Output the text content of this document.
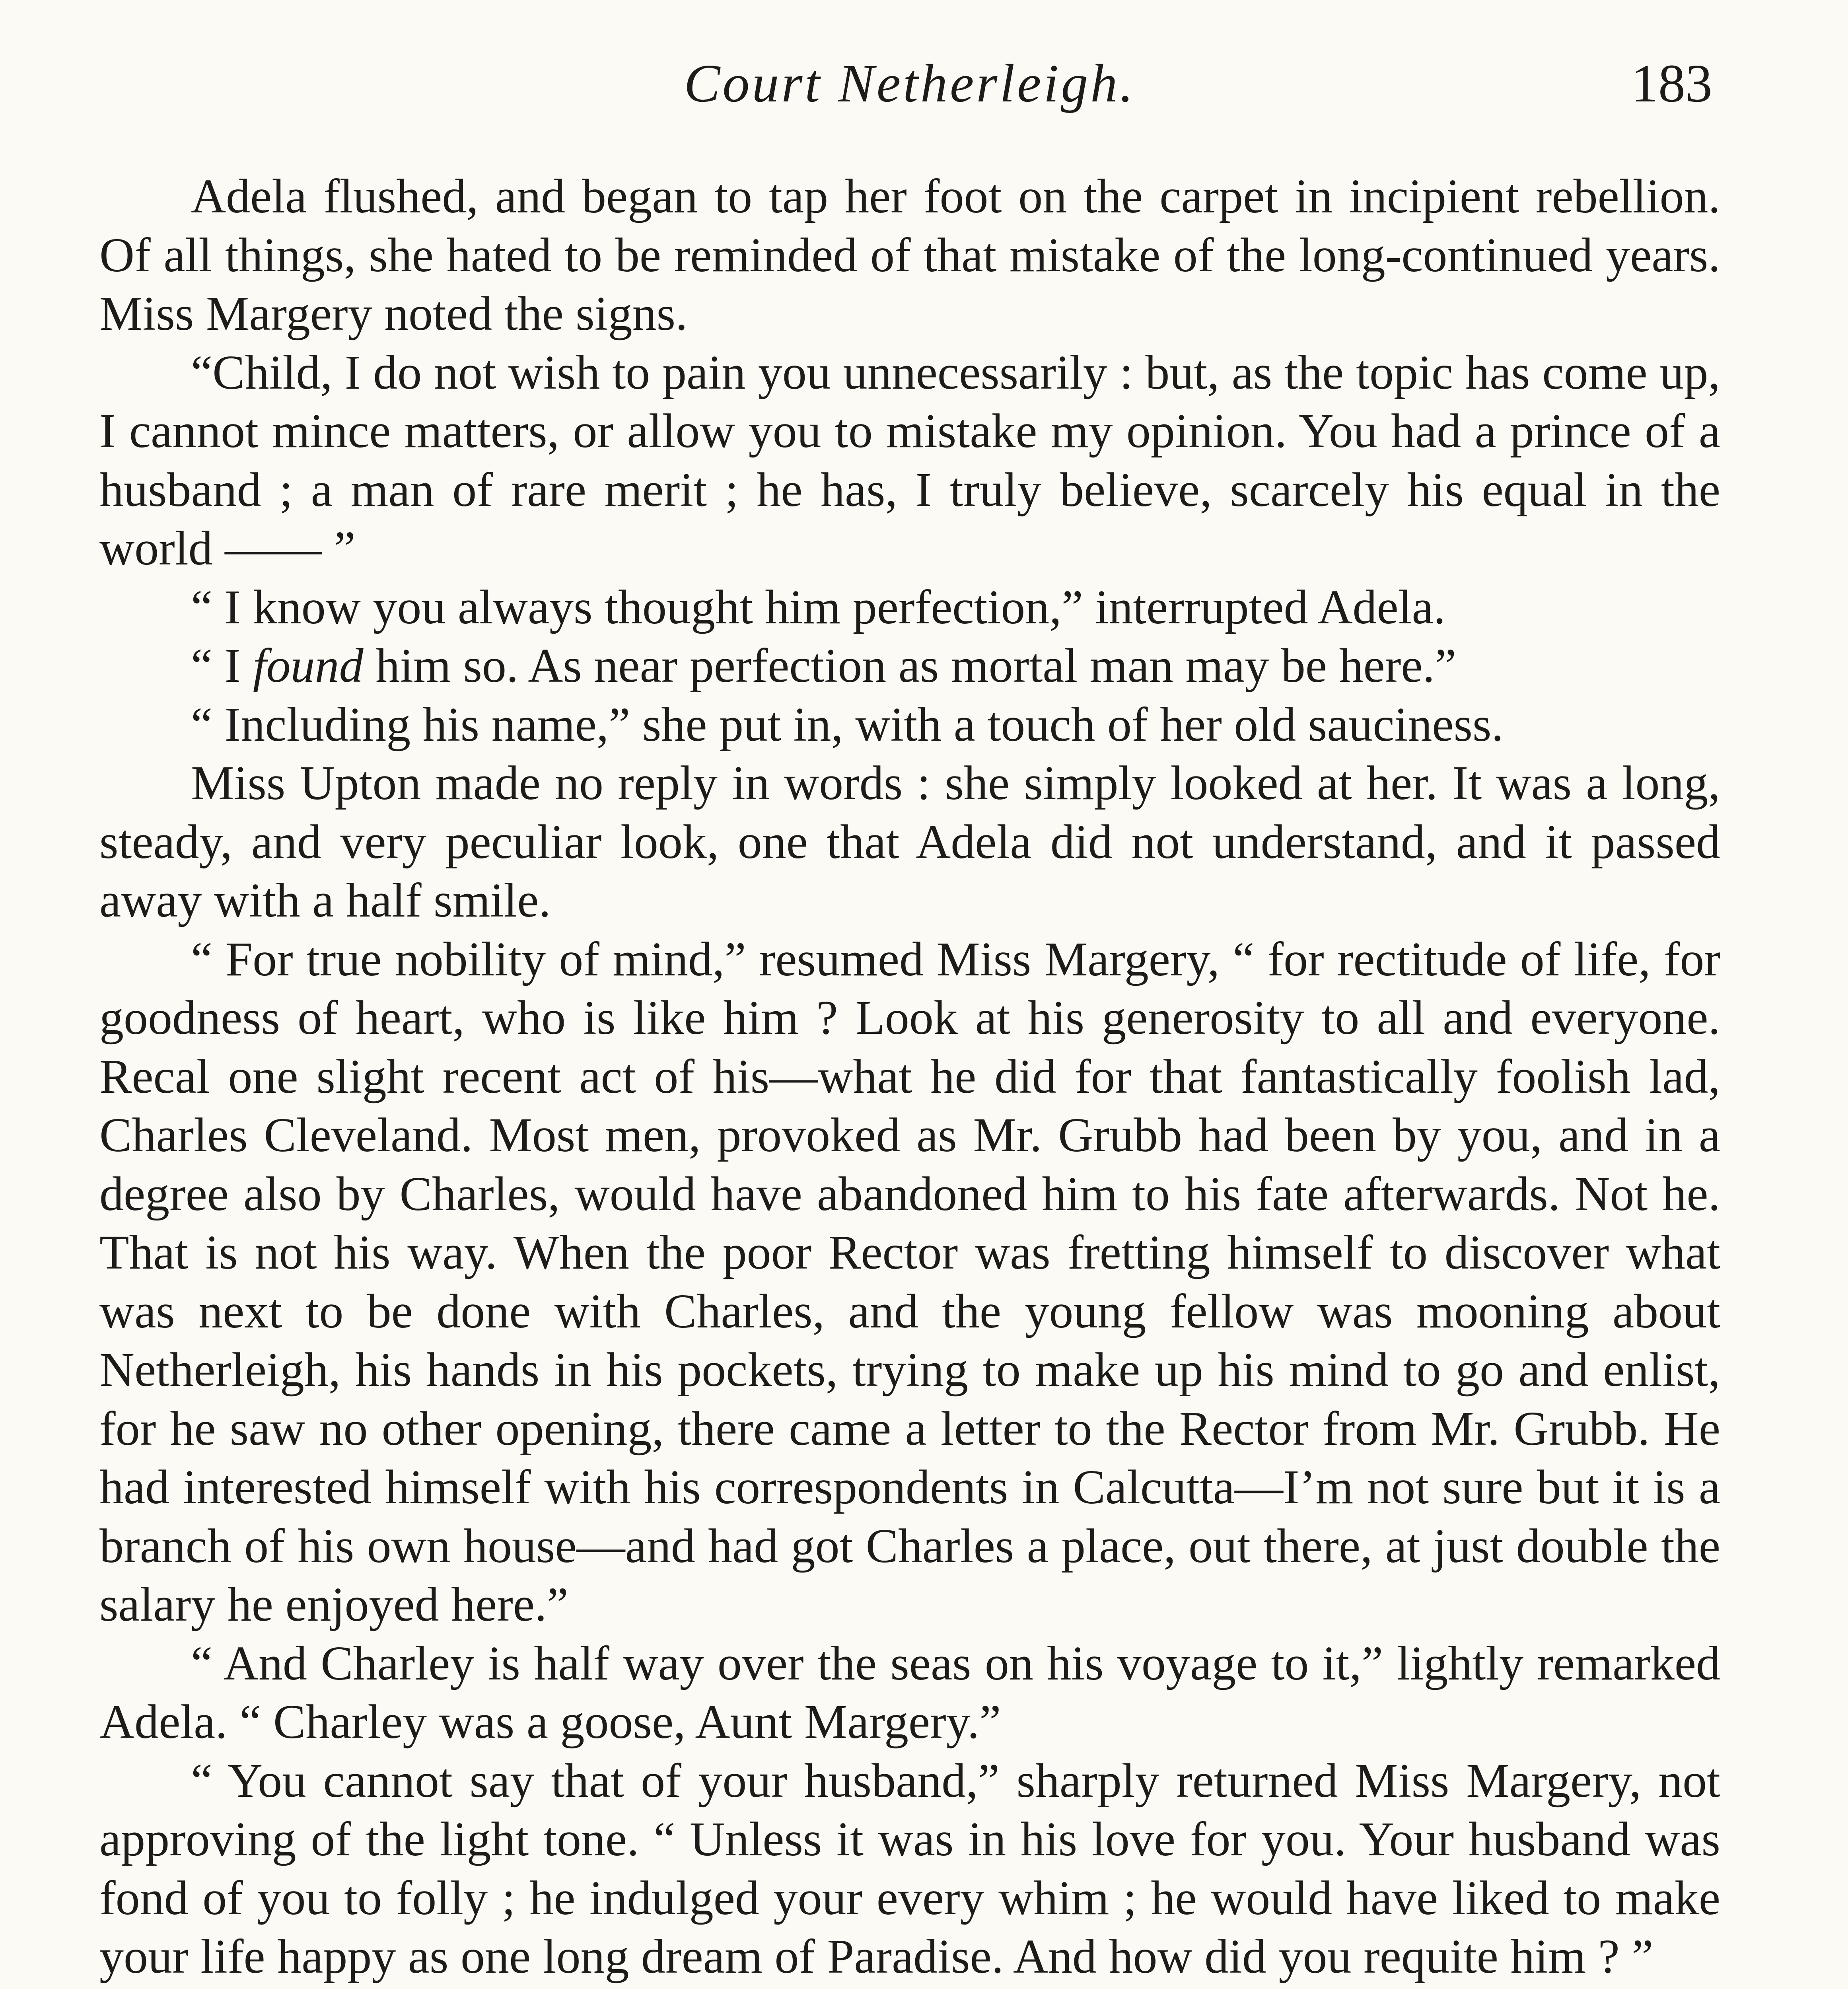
Court Netherleigh.	183

Adela flushed, and began to tap her foot on the carpet in incipient rebellion. Of all things, she hated to be reminded of that mistake of the long-continued years. Miss Margery noted the signs.

“Child, I do not wish to pain you unnecessarily : but, as the topic has come up, I cannot mince matters, or allow you to mistake my opinion. You had a prince of a husband ; a man of rare merit ; he has, I truly believe, scarcely his equal in the world —— ”

“ I know you always thought him perfection,” interrupted Adela.

“ I found him so. As near perfection as mortal man may be here.”

“ Including his name,” she put in, with a touch of her old sauciness.

Miss Upton made no reply in words : she simply looked at her. It was a long, steady, and very peculiar look, one that Adela did not understand, and it passed away with a half smile.

“ For true nobility of mind,” resumed Miss Margery, “ for rectitude of life, for goodness of heart, who is like him ? Look at his generosity to all and everyone. Recal one slight recent act of his—what he did for that fantastically foolish lad, Charles Cleveland. Most men, provoked as Mr. Grubb had been by you, and in a degree also by Charles, would have abandoned him to his fate afterwards. Not he. That is not his way. When the poor Rector was fretting himself to discover what was next to be done with Charles, and the young fellow was mooning about Netherleigh, his hands in his pockets, trying to make up his mind to go and enlist, for he saw no other opening, there came a letter to the Rector from Mr. Grubb. He had interested himself with his correspondents in Calcutta—I’m not sure but it is a branch of his own house—and had got Charles a place, out there, at just double the salary he enjoyed here.”

“ And Charley is half way over the seas on his voyage to it,” lightly remarked Adela. “ Charley was a goose, Aunt Margery.”

“ You cannot say that of your husband,” sharply returned Miss Margery, not approving of the light tone. “ Unless it was in his love for you. Your husband was fond of you to folly ; he indulged your every whim ; he would have liked to make your life happy as one long dream of Paradise. And how did you requite him ? ”
